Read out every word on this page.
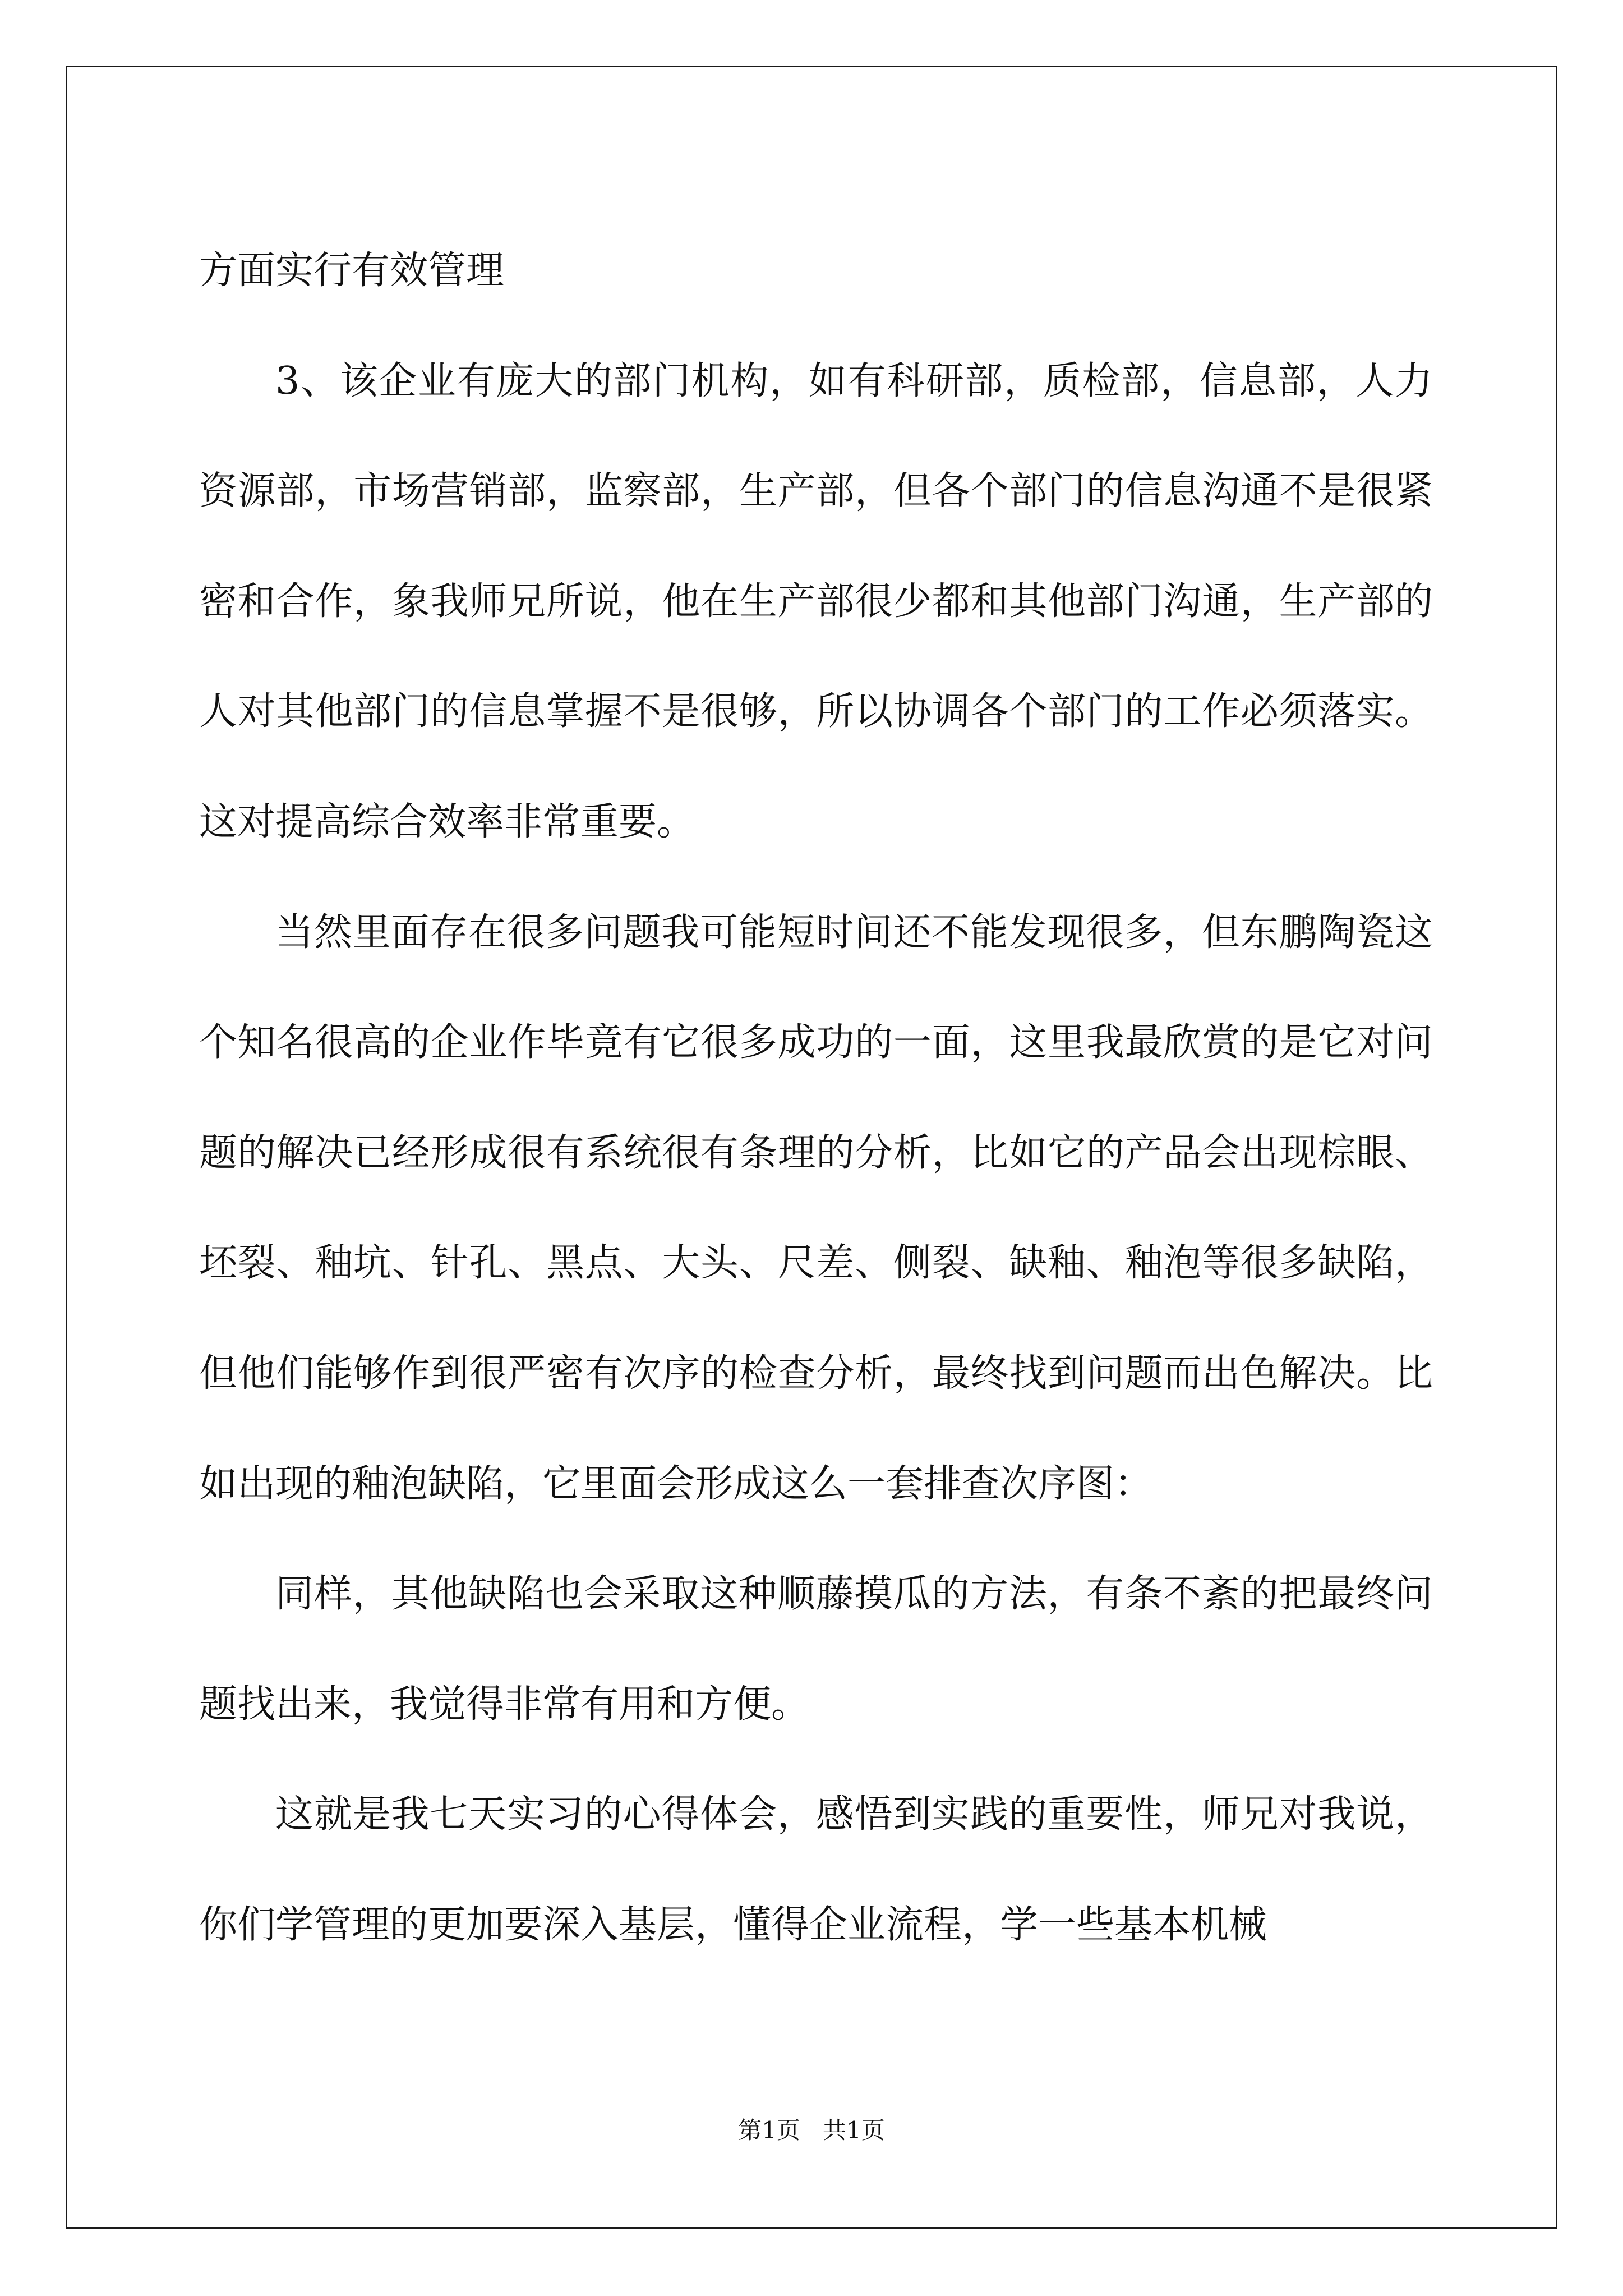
方面实行有效管理

3、该企业有庞大的部门机构，如有科研部，质检部，信息部，人力资源部，市场营销部，监察部，生产部，但各个部门的信息沟通不是很紧密和合作，象我师兄所说，他在生产部很少都和其他部门沟通，生产部的人对其他部门的信息掌握不是很够，所以协调各个部门的工作必须落实。这对提高综合效率非常重要。

当然里面存在很多问题我可能短时间还不能发现很多，但东鹏陶瓷这个知名很高的企业作毕竟有它很多成功的一面，这里我最欣赏的是它对问题的解决已经形成很有系统很有条理的分析，比如它的产品会出现棕眼、坯裂、釉坑、针孔、黑点、大头、尺差、侧裂、缺釉、釉泡等很多缺陷，但他们能够作到很严密有次序的检查分析，最终找到问题而出色解决。比如出现的釉泡缺陷，它里面会形成这么一套排查次序图：

同样，其他缺陷也会采取这种顺藤摸瓜的方法，有条不紊的把最终问题找出来，我觉得非常有用和方便。

这就是我七天实习的心得体会，感悟到实践的重要性，师兄对我说，你们学管理的更加要深入基层，懂得企业流程，学一些基本机械

第1页 共1页
